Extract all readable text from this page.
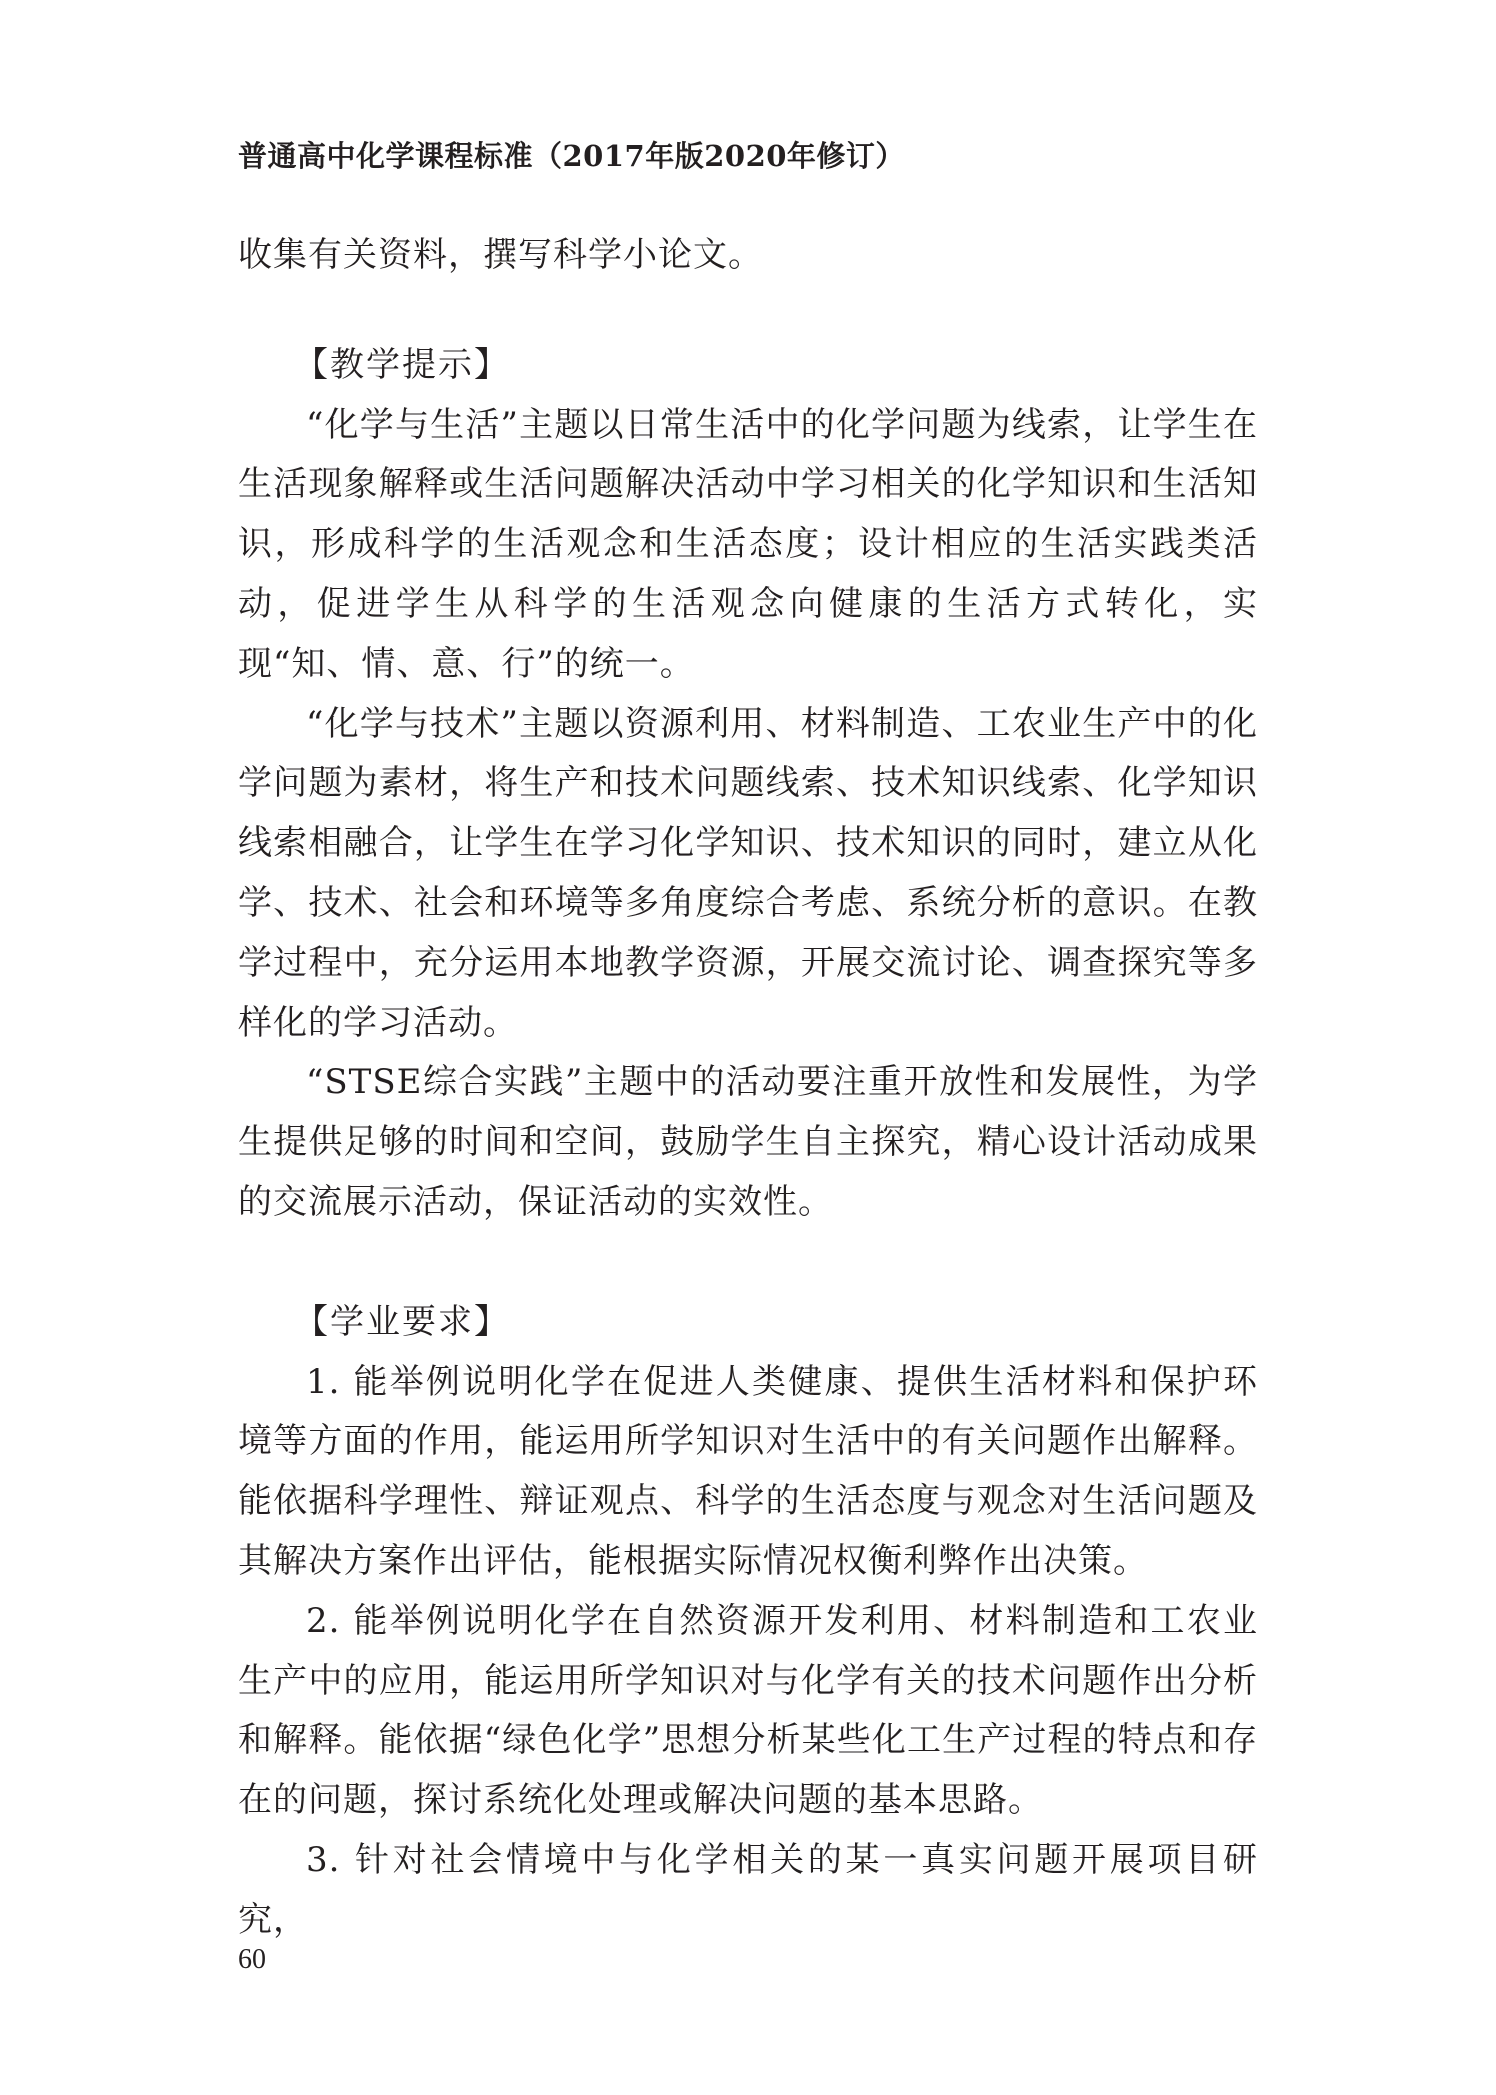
普通高中化学课程标准（2017年版2020年修订）

收集有关资料，撰写科学小论文。

【教学提示】

“化学与生活”主题以日常生活中的化学问题为线索，让学生在生活现象解释或生活问题解决活动中学习相关的化学知识和生活知识，形成科学的生活观念和生活态度；设计相应的生活实践类活动，促进学生从科学的生活观念向健康的生活方式转化，实现“知、情、意、行”的统一。

“化学与技术”主题以资源利用、材料制造、工农业生产中的化学问题为素材，将生产和技术问题线索、技术知识线索、化学知识线索相融合，让学生在学习化学知识、技术知识的同时，建立从化学、技术、社会和环境等多角度综合考虑、系统分析的意识。在教学过程中，充分运用本地教学资源，开展交流讨论、调查探究等多样化的学习活动。

“STSE综合实践”主题中的活动要注重开放性和发展性，为学生提供足够的时间和空间，鼓励学生自主探究，精心设计活动成果的交流展示活动，保证活动的实效性。

【学业要求】

1. 能举例说明化学在促进人类健康、提供生活材料和保护环境等方面的作用，能运用所学知识对生活中的有关问题作出解释。能依据科学理性、辩证观点、科学的生活态度与观念对生活问题及其解决方案作出评估，能根据实际情况权衡利弊作出决策。

2. 能举例说明化学在自然资源开发利用、材料制造和工农业生产中的应用，能运用所学知识对与化学有关的技术问题作出分析和解释。能依据“绿色化学”思想分析某些化工生产过程的特点和存在的问题，探讨系统化处理或解决问题的基本思路。

3. 针对社会情境中与化学相关的某一真实问题开展项目研究，

60
